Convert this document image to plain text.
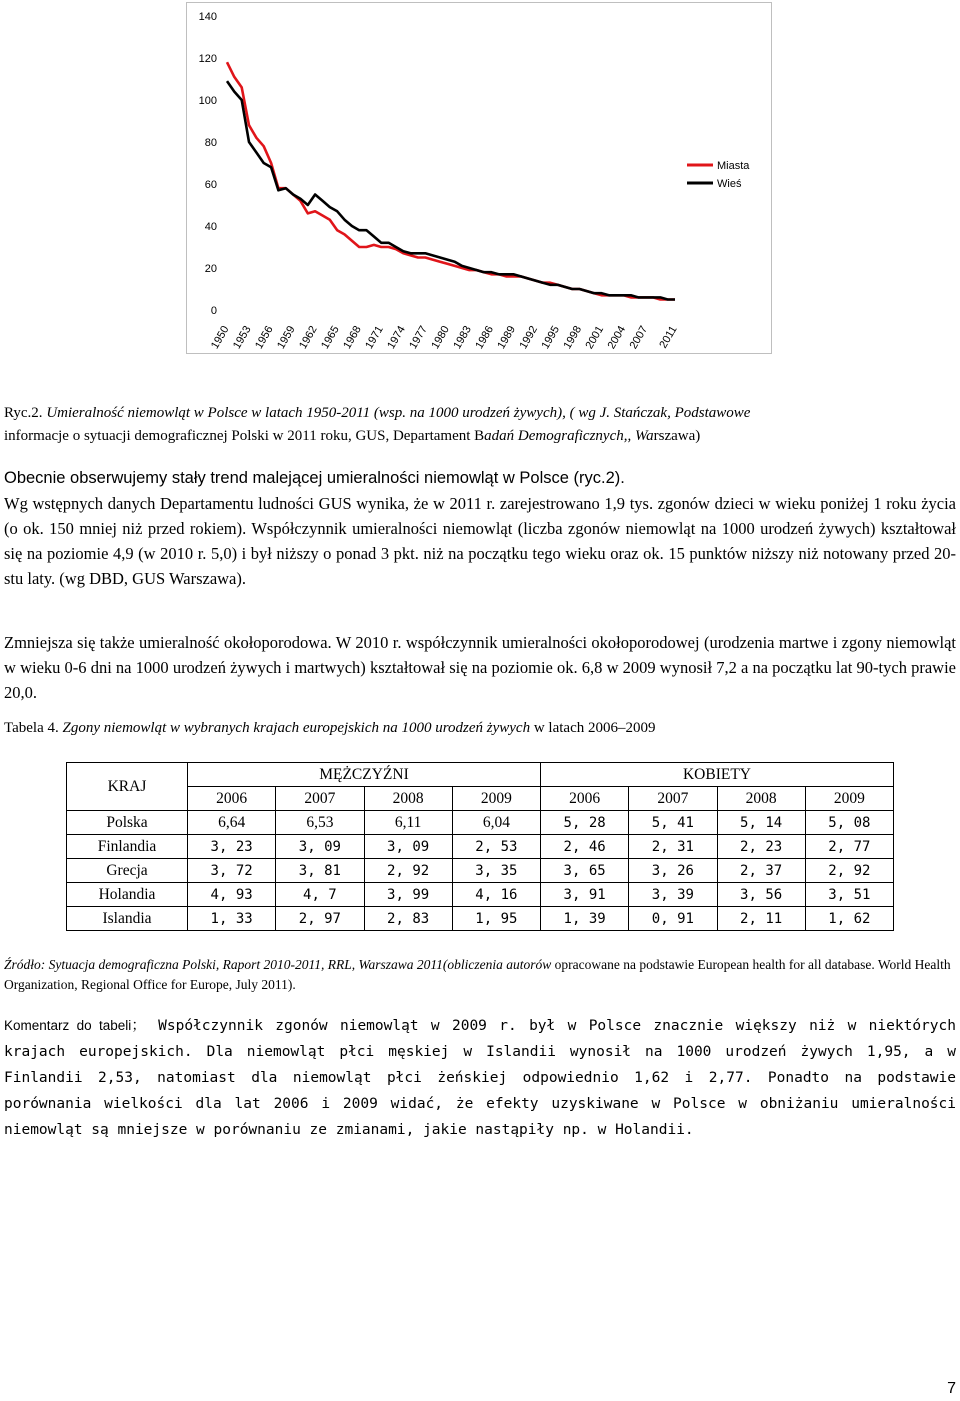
0
20
40
60
80
100
120
140
1950 1953 1956 1959 1962 1965 1968 1971 1974 1977 1980 1983 1986 1989 1992 1995 1998 2001 2004 2007 2011
Miasta
Wieś

Ryc.2. Umieralność niemowląt w Polsce w latach 1950-2011 (wsp. na 1000 urodzeń żywych), ( wg J. Stańczak, Podstawowe
informacje o sytuacji demograficznej Polski w 2011 roku, GUS, Departament Badań Demograficznych,, Warszawa)

Obecnie obserwujemy stały trend malejącej umieralności niemowląt w Polsce (ryc.2).
Wg wstępnych danych Departamentu ludności GUS wynika, że w 2011 r. zarejestrowano 1,9 tys. zgonów dzieci w wieku poniżej 1 roku życia (o ok. 150 mniej niż przed rokiem). Współczynnik umieralności niemowląt (liczba zgonów niemowląt na 1000 urodzeń żywych) kształtował się na poziomie 4,9 (w 2010 r. 5,0) i był niższy o ponad 3 pkt. niż na początku tego wieku oraz ok. 15 punktów niższy niż notowany przed 20-stu laty. (wg DBD, GUS Warszawa).

Zmniejsza się także umieralność okołoporodowa. W 2010 r. współczynnik umieralności okołoporodowej (urodzenia martwe i zgony niemowląt w wieku 0-6 dni na 1000 urodzeń żywych i martwych) kształtował się na poziomie ok. 6,8 w 2009 wynosił 7,2 a na początku lat 90-tych prawie 20,0.

Tabela 4. Zgony niemowląt w wybranych krajach europejskich na 1000 urodzeń żywych w latach 2006–2009

KRAJ	MĘŻCZYŹNI				KOBIETY			
	2006	2007	2008	2009	2006	2007	2008	2009
Polska	6,64	6,53	6,11	6,04	5, 28	5, 41	5, 14	5, 08
Finlandia	3, 23	3, 09	3, 09	2, 53	2, 46	2, 31	2, 23	2, 77
Grecja	3, 72	3, 81	2, 92	3, 35	3, 65	3, 26	2, 37	2, 92
Holandia	4, 93	4, 7	3, 99	4, 16	3, 91	3, 39	3, 56	3, 51
Islandia	1, 33	2, 97	2, 83	1, 95	1, 39	0, 91	2, 11	1, 62

Źródło: Sytuacja demograficzna Polski, Raport 2010-2011, RRL, Warszawa 2011(obliczenia autorów opracowane na podstawie European health for all database. World Health Organization, Regional Office for Europe, July 2011).

Komentarz do tabeli； Współczynnik zgonów niemowląt w 2009 r. był w Polsce znacznie większy niż w niektórych krajach europejskich. Dla niemowląt płci męskiej w Islandii wynosił na 1000 urodzeń żywych 1,95, a w Finlandii 2,53, natomiast dla niemowląt płci żeńskiej odpowiednio 1,62 i 2,77. Ponadto na podstawie porównania wielkości dla lat 2006 i 2009 widać, że efekty uzyskiwane w Polsce w obniżaniu umieralności niemowląt są mniejsze w porównaniu ze zmianami, jakie nastąpiły np. w Holandii.

7
